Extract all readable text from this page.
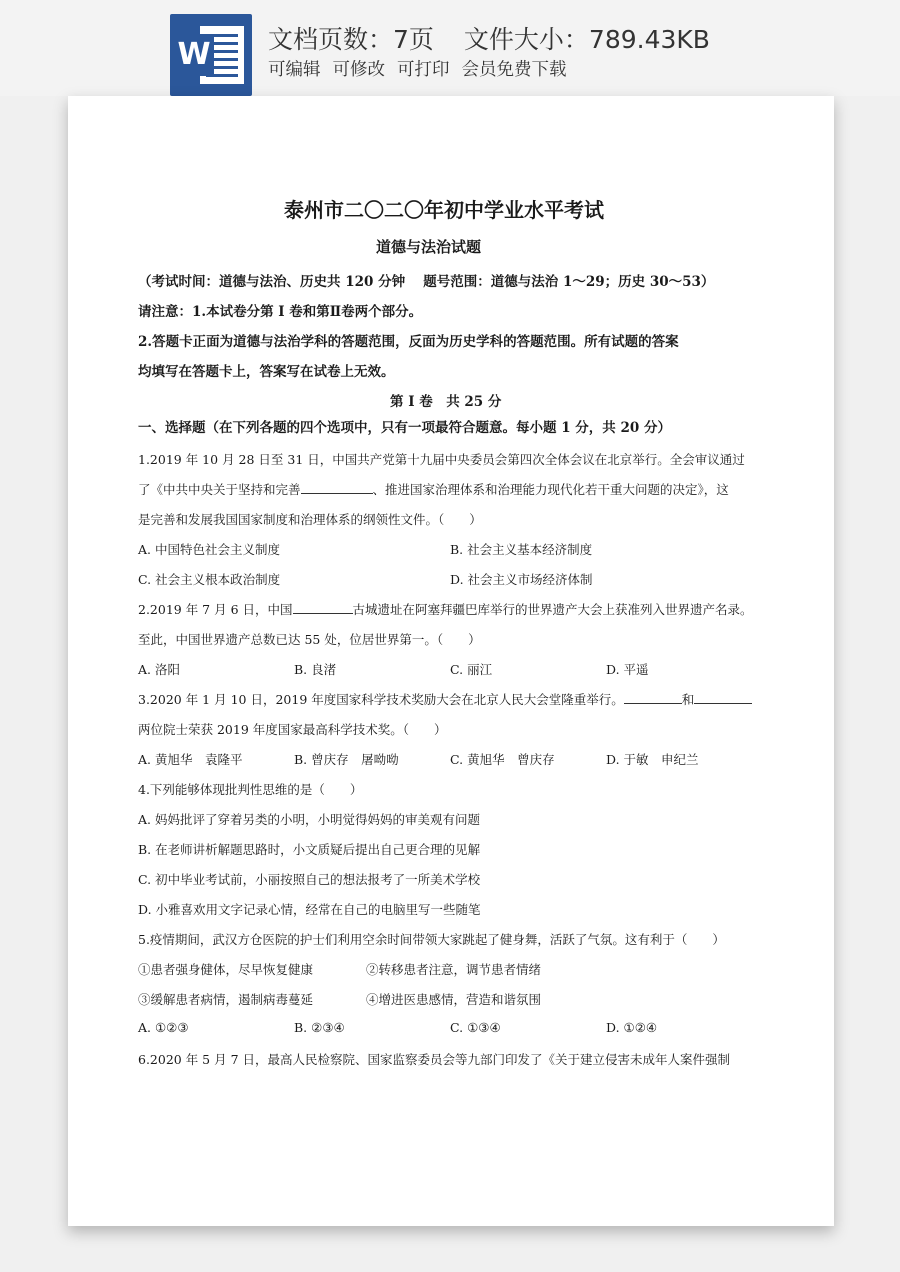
W 文档页数：7页 文件大小：789.43KB
可编辑 可修改 可打印 会员免费下载
泰州市二〇二〇年初中学业水平考试
道德与法治试题
（考试时间：道德与法治、历史共 120 分钟　 题号范围：道德与法治 1～29；历史 30～53）
请注意：1.本试卷分第 I 卷和第Ⅱ卷两个部分。
2.答题卡正面为道德与法治学科的答题范围，反面为历史学科的答题范围。所有试题的答案
均填写在答题卡上，答案写在试卷上无效。
第 I 卷　共 25 分
一、选择题（在下列各题的四个选项中，只有一项最符合题意。每小题 1 分，共 20 分）
1.2019 年 10 月 28 日至 31 日，中国共产党第十九届中央委员会第四次全体会议在北京举行。全会审议通过
了《中共中央关于坚持和完善	、推进国家治理体系和治理能力现代化若干重大问题的决定》，这
是完善和发展我国国家制度和治理体系的纲领性文件。（　　）
A. 中国特色社会主义制度	B. 社会主义基本经济制度
C. 社会主义根本政治制度	D. 社会主义市场经济体制
2.2019 年 7 月 6 日，中国	古城遗址在阿塞拜疆巴库举行的世界遗产大会上获准列入世界遗产名录。
至此，中国世界遗产总数已达 55 处，位居世界第一。（　　）
A. 洛阳	B. 良渚	C. 丽江	D. 平遥
3.2020 年 1 月 10 日，2019 年度国家科学技术奖励大会在北京人民大会堂隆重举行。	和
两位院士荣获 2019 年度国家最高科学技术奖。（　　）
A. 黄旭华　袁隆平	B. 曾庆存　屠呦呦	C. 黄旭华　曾庆存	D. 于敏　申纪兰
4.下列能够体现批判性思维的是（　　）
A. 妈妈批评了穿着另类的小明，小明觉得妈妈的审美观有问题
B. 在老师讲析解题思路时，小文质疑后提出自己更合理的见解
C. 初中毕业考试前，小丽按照自己的想法报考了一所美术学校
D. 小雅喜欢用文字记录心情，经常在自己的电脑里写一些随笔
5.疫情期间，武汉方仓医院的护士们利用空余时间带领大家跳起了健身舞，活跃了气氛。这有利于（　　）
①患者强身健体，尽早恢复健康	②转移患者注意，调节患者情绪
③缓解患者病情，遏制病毒蔓延	④增进医患感情，营造和谐氛围
A. ①②③	B. ②③④	C. ①③④	D. ①②④
6.2020 年 5 月 7 日，最高人民检察院、国家监察委员会等九部门印发了《关于建立侵害未成年人案件强制
